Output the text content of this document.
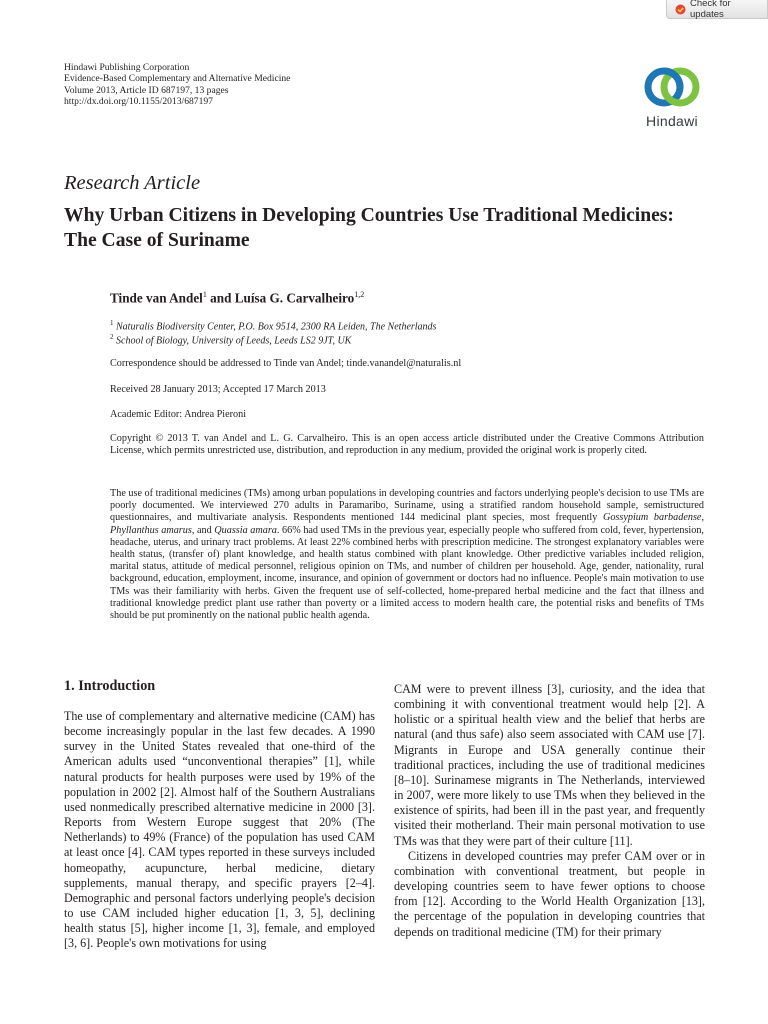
Check for updates
Hindawi Publishing Corporation
Evidence-Based Complementary and Alternative Medicine
Volume 2013, Article ID 687197, 13 pages
http://dx.doi.org/10.1155/2013/687197
Hindawi
Research Article
Why Urban Citizens in Developing Countries Use Traditional Medicines: The Case of Suriname
Tinde van Andel$^1$ and Luísa G. Carvalheiro$^{1,2}$
$^1$ Naturalis Biodiversity Center, P.O. Box 9514, 2300 RA Leiden, The Netherlands
$^2$ School of Biology, University of Leeds, Leeds LS2 9JT, UK
Correspondence should be addressed to Tinde van Andel; tinde.vanandel@naturalis.nl
Received 28 January 2013; Accepted 17 March 2013
Academic Editor: Andrea Pieroni

Copyright © 2013 T. van Andel and L. G. Carvalheiro. This is an open access article distributed under the Creative Commons Attribution License, which permits unrestricted use, distribution, and reproduction in any medium, provided the original work is properly cited.

The use of traditional medicines (TMs) among urban populations in developing countries and factors underlying people's decision to use TMs are poorly documented. We interviewed 270 adults in Paramaribo, Suriname, using a stratified random household sample, semistructured questionnaires, and multivariate analysis. Respondents mentioned 144 medicinal plant species, most frequently Gossypium barbadense, Phyllanthus amarus, and Quassia amara. 66% had used TMs in the previous year, especially people who suffered from cold, fever, hypertension, headache, uterus, and urinary tract problems. At least 22% combined herbs with prescription medicine. The strongest explanatory variables were health status, (transfer of) plant knowledge, and health status combined with plant knowledge. Other predictive variables included religion, marital status, attitude of medical personnel, religious opinion on TMs, and number of children per household. Age, gender, nationality, rural background, education, employment, income, insurance, and opinion of government or doctors had no influence. People's main motivation to use TMs was their familiarity with herbs. Given the frequent use of self-collected, home-prepared herbal medicine and the fact that illness and traditional knowledge predict plant use rather than poverty or a limited access to modern health care, the potential risks and benefits of TMs should be put prominently on the national public health agenda.

1. Introduction

The use of complementary and alternative medicine (CAM) has become increasingly popular in the last few decades. A 1990 survey in the United States revealed that one-third of the American adults used “unconventional therapies” [1], while natural products for health purposes were used by 19% of the population in 2002 [2]. Almost half of the Southern Australians used nonmedically prescribed alternative medicine in 2000 [3]. Reports from Western Europe suggest that 20% (The Netherlands) to 49% (France) of the population has used CAM at least once [4]. CAM types reported in these surveys included homeopathy, acupuncture, herbal medicine, dietary supplements, manual therapy, and specific prayers [2–4]. Demographic and personal factors underlying people's decision to use CAM included higher education [1, 3, 5], declining health status [5], higher income [1, 3], female, and employed [3, 6]. People's own motivations for using

CAM were to prevent illness [3], curiosity, and the idea that combining it with conventional treatment would help [2]. A holistic or a spiritual health view and the belief that herbs are natural (and thus safe) also seem associated with CAM use [7]. Migrants in Europe and USA generally continue their traditional practices, including the use of traditional medicines [8–10]. Surinamese migrants in The Netherlands, interviewed in 2007, were more likely to use TMs when they believed in the existence of spirits, had been ill in the past year, and frequently visited their motherland. Their main personal motivation to use TMs was that they were part of their culture [11].

Citizens in developed countries may prefer CAM over or in combination with conventional treatment, but people in developing countries seem to have fewer options to choose from [12]. According to the World Health Organization [13], the percentage of the population in developing countries that depends on traditional medicine (TM) for their primary
